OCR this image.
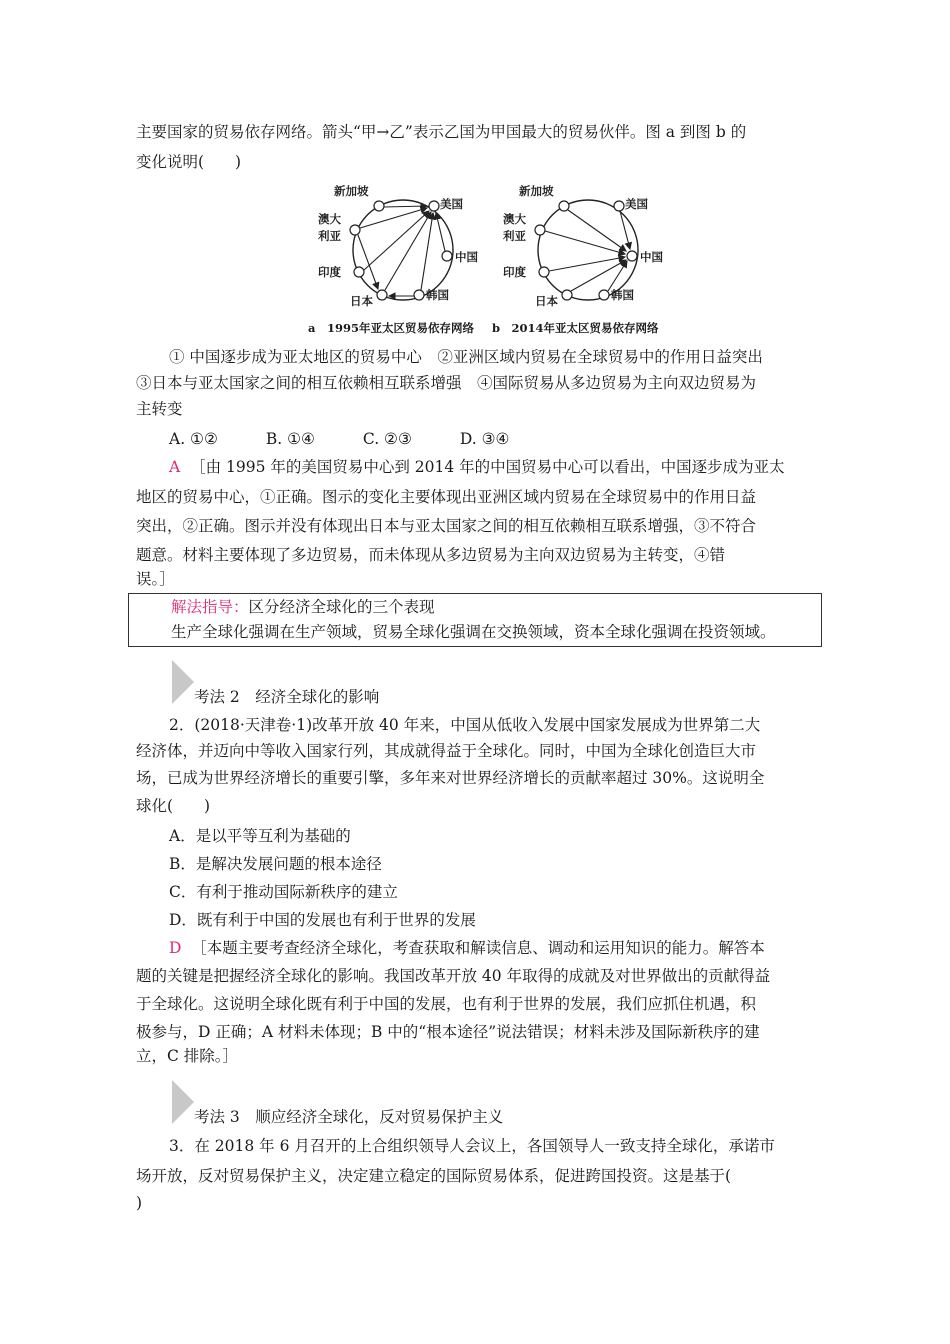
主要国家的贸易依存网络。箭头“甲→乙”表示乙国为甲国最大的贸易伙伴。图 a 到图 b 的
变化说明(　　)
新加坡
美国
澳大
利亚
中国
印度
日本	韩国
新加坡
美国
澳大
利亚
中国
印度
日本	韩国
a　1995年亚太区贸易依存网络 b　2014年亚太区贸易依存网络
① 中国逐步成为亚太地区的贸易中心　②亚洲区域内贸易在全球贸易中的作用日益突出
③日本与亚太国家之间的相互依赖相互联系增强　④国际贸易从多边贸易为主向双边贸易为
主转变
A. ①②	B. ①④	C. ②③	D. ③④
A ［由 1995 年的美国贸易中心到 2014 年的中国贸易中心可以看出，中国逐步成为亚太
地区的贸易中心，①正确。图示的变化主要体现出亚洲区域内贸易在全球贸易中的作用日益
突出，②正确。图示并没有体现出日本与亚太国家之间的相互依赖相互联系增强，③不符合
题意。材料主要体现了多边贸易，而未体现从多边贸易为主向双边贸易为主转变，④错
误。］
解法指导：区分经济全球化的三个表现
生产全球化强调在生产领域，贸易全球化强调在交换领域，资本全球化强调在投资领域。
考法 2　经济全球化的影响
2．(2018·天津卷·1)改革开放 40 年来，中国从低收入发展中国家发展成为世界第二大
经济体，并迈向中等收入国家行列，其成就得益于全球化。同时，中国为全球化创造巨大市
场，已成为世界经济增长的重要引擎，多年来对世界经济增长的贡献率超过 30%。这说明全
球化(　　)
A．是以平等互利为基础的
B．是解决发展问题的根本途径
C．有利于推动国际新秩序的建立
D．既有利于中国的发展也有利于世界的发展
D ［本题主要考查经济全球化，考查获取和解读信息、调动和运用知识的能力。解答本
题的关键是把握经济全球化的影响。我国改革开放 40 年取得的成就及对世界做出的贡献得益
于全球化。这说明全球化既有利于中国的发展，也有利于世界的发展，我们应抓住机遇，积
极参与，D 正确；A 材料未体现；B 中的“根本途径”说法错误；材料未涉及国际新秩序的建
立，C 排除。］
考法 3　顺应经济全球化，反对贸易保护主义
3．在 2018 年 6 月召开的上合组织领导人会议上，各国领导人一致支持全球化，承诺市
场开放，反对贸易保护主义，决定建立稳定的国际贸易体系，促进跨国投资。这是基于(
)
